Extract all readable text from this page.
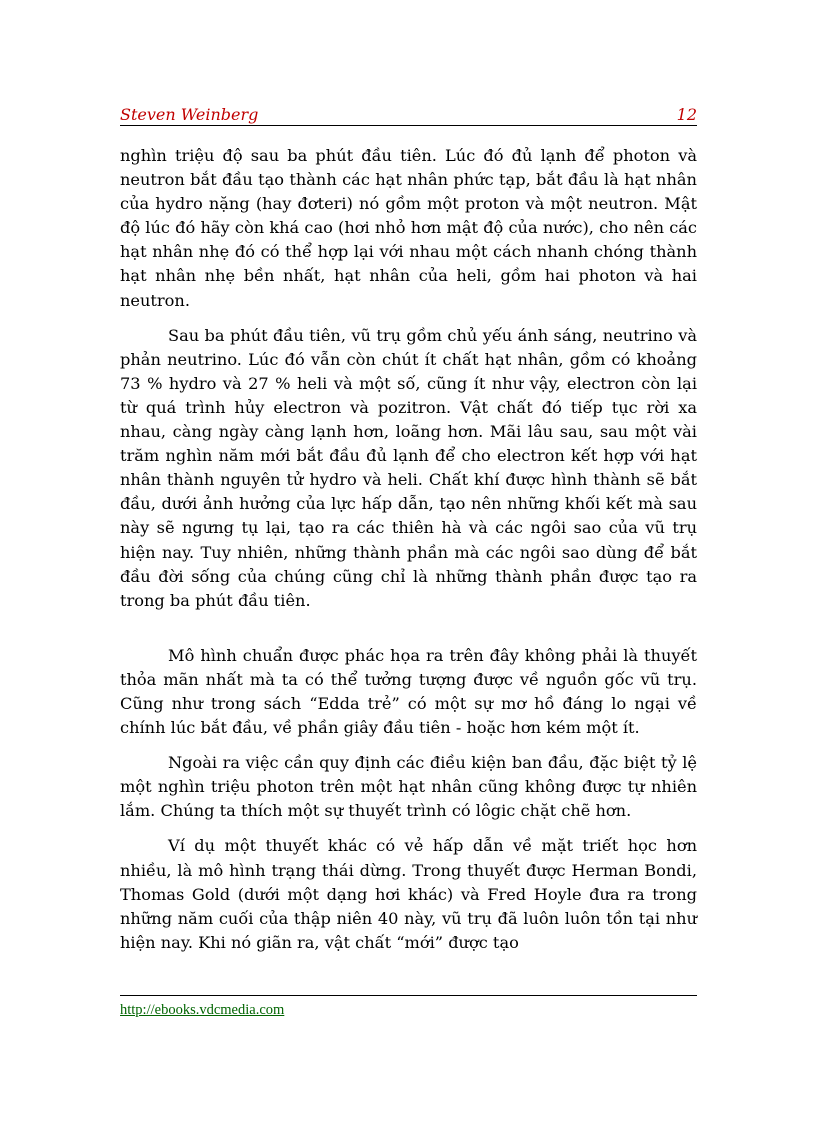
Steven Weinberg	12

nghìn triệu độ sau ba phút đầu tiên. Lúc đó đủ lạnh để photon và neutron bắt đầu tạo thành các hạt nhân phức tạp, bắt đầu là hạt nhân của hydro nặng (hay đơteri) nó gồm một proton và một neutron. Mật độ lúc đó hãy còn khá cao (hơi nhỏ hơn mật độ của nước), cho nên các hạt nhân nhẹ đó có thể hợp lại với nhau một cách nhanh chóng thành hạt nhân nhẹ bền nhất, hạt nhân của heli, gồm hai photon và hai neutron.

Sau ba phút đầu tiên, vũ trụ gồm chủ yếu ánh sáng, neutrino và phản neutrino. Lúc đó vẫn còn chút ít chất hạt nhân, gồm có khoảng 73 % hydro và 27 % heli và một số, cũng ít như vậy, electron còn lại từ quá trình hủy electron và pozitron. Vật chất đó tiếp tục rời xa nhau, càng ngày càng lạnh hơn, loãng hơn. Mãi lâu sau, sau một vài trăm nghìn năm mới bắt đầu đủ lạnh để cho electron kết hợp với hạt nhân thành nguyên tử hydro và heli. Chất khí được hình thành sẽ bắt đầu, dưới ảnh hưởng của lực hấp dẫn, tạo nên những khối kết mà sau này sẽ ngưng tụ lại, tạo ra các thiên hà và các ngôi sao của vũ trụ hiện nay. Tuy nhiên, những thành phần mà các ngôi sao dùng để bắt đầu đời sống của chúng cũng chỉ là những thành phần được tạo ra trong ba phút đầu tiên.

Mô hình chuẩn được phác họa ra trên đây không phải là thuyết thỏa mãn nhất mà ta có thể tưởng tượng được về nguồn gốc vũ trụ. Cũng như trong sách “Edda trẻ” có một sự mơ hồ đáng lo ngại về chính lúc bắt đầu, về phần giây đầu tiên - hoặc hơn kém một ít.

Ngoài ra việc cần quy định các điều kiện ban đầu, đặc biệt tỷ lệ một nghìn triệu photon trên một hạt nhân cũng không được tự nhiên lắm. Chúng ta thích một sự thuyết trình có lôgic chặt chẽ hơn.

Ví dụ một thuyết khác có vẻ hấp dẫn về mặt triết học hơn nhiều, là mô hình trạng thái dừng. Trong thuyết được Herman Bondi, Thomas Gold (dưới một dạng hơi khác) và Fred Hoyle đưa ra trong những năm cuối của thập niên 40 này, vũ trụ đã luôn luôn tồn tại như hiện nay. Khi nó giãn ra, vật chất “mới” được tạo

http://ebooks.vdcmedia.com
